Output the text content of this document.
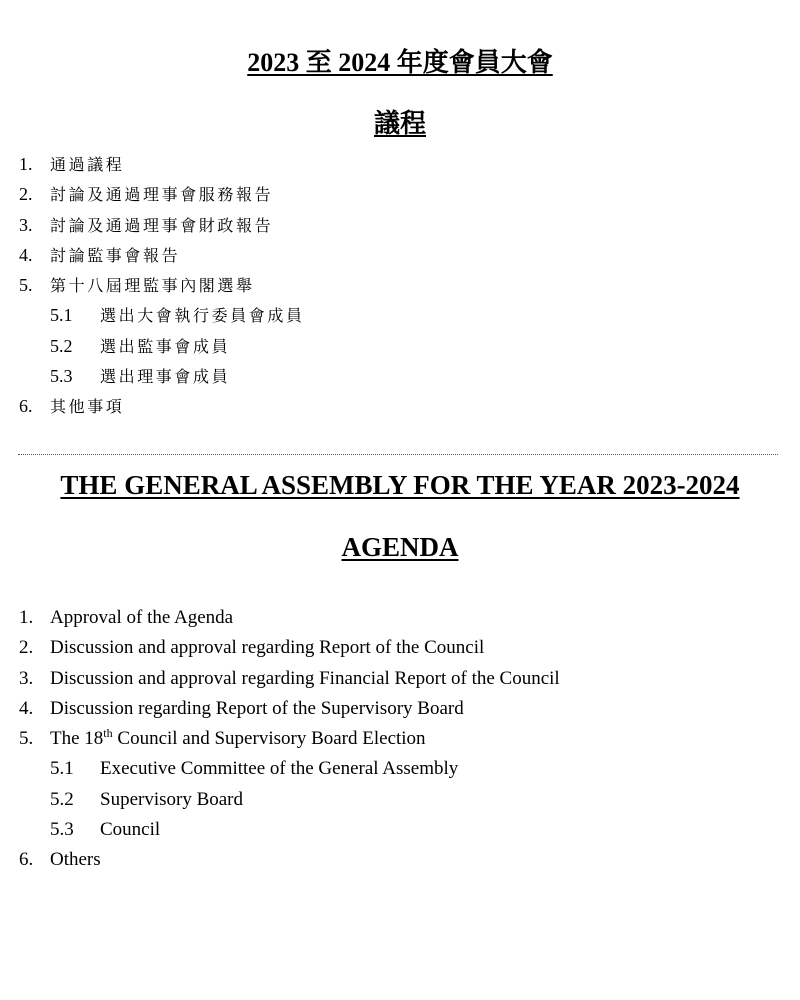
2023 至 2024 年度會員大會
議程
1. 通過議程
2. 討論及通過理事會服務報告
3. 討論及通過理事會財政報告
4. 討論監事會報告
5. 第十八屆理監事內閣選舉
5.1 選出大會執行委員會成員
5.2 選出監事會成員
5.3 選出理事會成員
6. 其他事項
THE GENERAL ASSEMBLY FOR THE YEAR 2023-2024
AGENDA
1. Approval of the Agenda
2. Discussion and approval regarding Report of the Council
3. Discussion and approval regarding Financial Report of the Council
4. Discussion regarding Report of the Supervisory Board
5. The 18th Council and Supervisory Board Election
5.1 Executive Committee of the General Assembly
5.2 Supervisory Board
5.3 Council
6. Others
